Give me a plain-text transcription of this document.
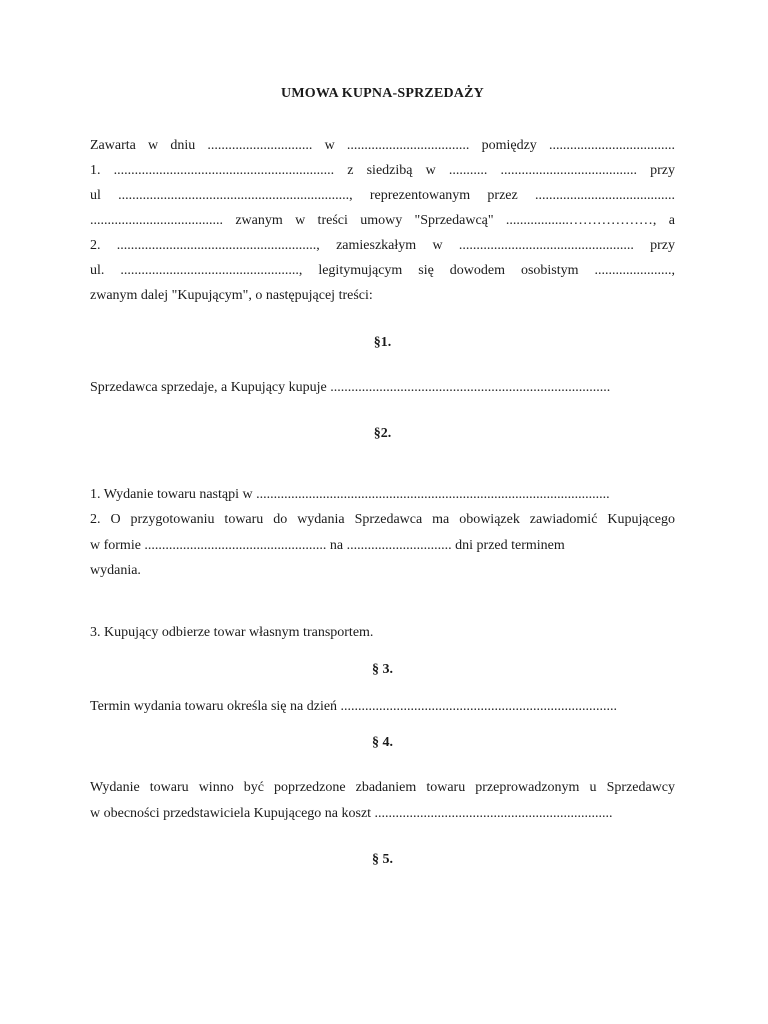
UMOWA KUPNA-SPRZEDAŻY
Zawarta w dniu .............................. w ................................... pomiędzy ....................................
1. ............................................................... z siedzibą w ........... ....................................... przy
ul .................................................................., reprezentowanym przez ........................................
...................................... zwanym w treści umowy "Sprzedawcą" ..................………………, a
2. ........................................................., zamieszkałym w .................................................. przy
ul. ..................................................., legitymującym się dowodem osobistym ......................,
zwanym dalej "Kupującym", o następującej treści:
§1.
Sprzedawca sprzedaje, a Kupujący kupuje ................................................................................
§2.
1. Wydanie towaru nastąpi w .....................................................................................................
2. O przygotowaniu towaru do wydania Sprzedawca ma obowiązek zawiadomić Kupującego
w formie .................................................... na .............................. dni przed terminem
wydania.
3. Kupujący odbierze towar własnym transportem.
§ 3.
Termin wydania towaru określa się na dzień ...............................................................................
§ 4.
Wydanie towaru winno być poprzedzone zbadaniem towaru przeprowadzonym u Sprzedawcy
w obecności przedstawiciela Kupującego na koszt ....................................................................
§ 5.
